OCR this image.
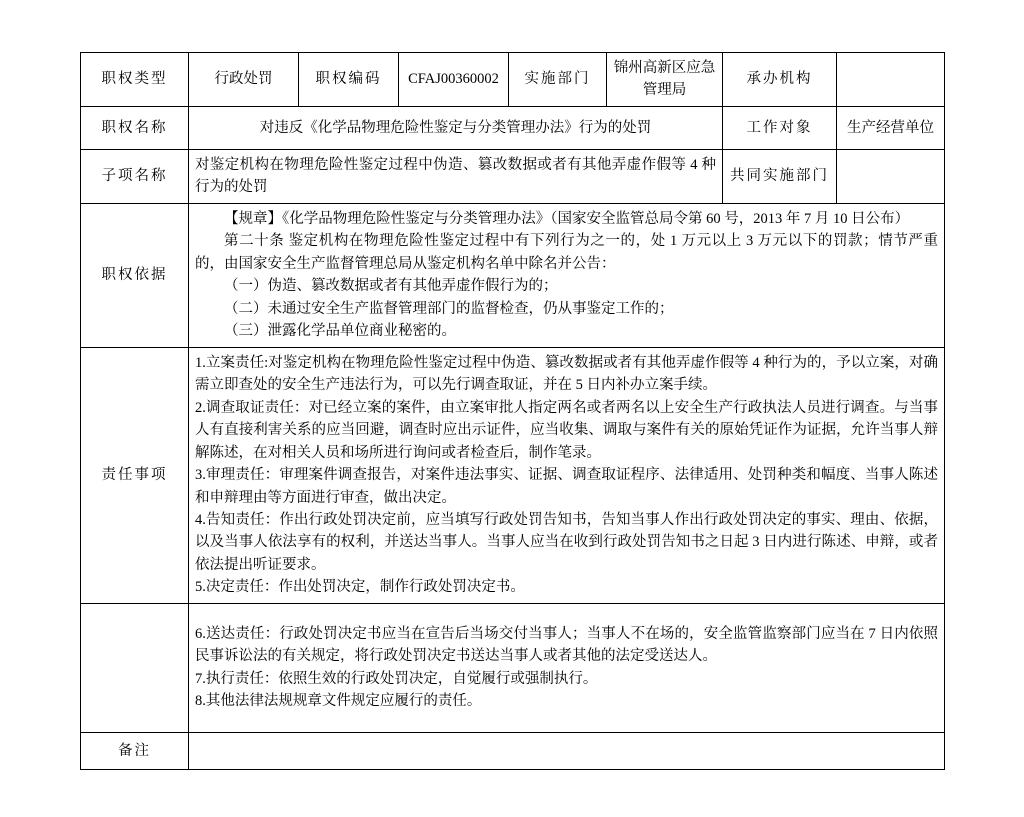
职权类型	行政处罚	职权编码	CFAJ00360002	实施部门	锦州高新区应急管理局	承办机构	
职权名称	对违反《化学品物理危险性鉴定与分类管理办法》行为的处罚					工作对象	生产经营单位
子项名称	对鉴定机构在物理危险性鉴定过程中伪造、篡改数据或者有其他弄虚作假等 4 种行为的处罚					共同实施部门	
职权依据	【规章】《化学品物理危险性鉴定与分类管理办法》（国家安全监管总局令第 60 号，2013 年 7 月 10 日公布）

第二十条 鉴定机构在物理危险性鉴定过程中有下列行为之一的，处 1 万元以上 3 万元以下的罚款；情节严重的，由国家安全生产监督管理总局从鉴定机构名单中除名并公告：

（一）伪造、篡改数据或者有其他弄虚作假行为的；

（二）未通过安全生产监督管理部门的监督检查，仍从事鉴定工作的；

（三）泄露化学品单位商业秘密的。						

责任事项	1.立案责任:对鉴定机构在物理危险性鉴定过程中伪造、篡改数据或者有其他弄虚作假等 4 种行为的，予以立案，对确需立即查处的安全生产违法行为，可以先行调查取证，并在 5 日内补办立案手续。

2.调查取证责任：对已经立案的案件，由立案审批人指定两名或者两名以上安全生产行政执法人员进行调查。与当事人有直接利害关系的应当回避，调查时应出示证件，应当收集、调取与案件有关的原始凭证作为证据，允许当事人辩解陈述，在对相关人员和场所进行询问或者检查后，制作笔录。

3.审理责任：审理案件调查报告，对案件违法事实、证据、调查取证程序、法律适用、处罚种类和幅度、当事人陈述和申辩理由等方面进行审查，做出决定。

4.告知责任：作出行政处罚决定前，应当填写行政处罚告知书，告知当事人作出行政处罚决定的事实、理由、依据，以及当事人依法享有的权利，并送达当事人。当事人应当在收到行政处罚告知书之日起 3 日内进行陈述、申辩，或者依法提出听证要求。

5.决定责任：作出处罚决定，制作行政处罚决定书。						

	6.送达责任：行政处罚决定书应当在宣告后当场交付当事人；当事人不在场的，安全监管监察部门应当在 7 日内依照民事诉讼法的有关规定，将行政处罚决定书送达当事人或者其他的法定受送达人。

7.执行责任：依照生效的行政处罚决定，自觉履行或强制执行。

8.其他法律法规规章文件规定应履行的责任。						

备注							
